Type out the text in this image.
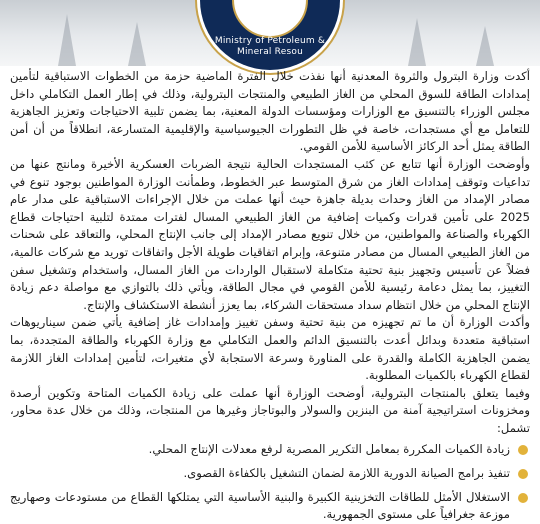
Ministry of Petroleum & Mineral Resou

أكدت وزارة البترول والثروة المعدنية أنها نفذت خلال الفترة الماضية حزمة من الخطوات الاستباقية لتأمين إمدادات الطاقة للسوق المحلي من الغاز الطبيعي والمنتجات البترولية، وذلك في إطار العمل التكاملي داخل مجلس الوزراء بالتنسيق مع الوزارات ومؤسسات الدولة المعنية، بما يضمن تلبية الاحتياجات وتعزيز الجاهزية للتعامل مع أي مستجدات، خاصة في ظل التطورات الجيوسياسية والإقليمية المتسارعة، انطلاقاً من أن أمن الطاقة يمثل أحد الركائز الأساسية للأمن القومي.

وأوضحت الوزارة أنها تتابع عن كثب المستجدات الحالية نتيجة الضربات العسكرية الأخيرة ومانتج عنها من تداعيات وتوقف إمدادات الغاز من شرق المتوسط عبر الخطوط، وطمأنت الوزارة المواطنين بوجود تنوع في مصادر الإمداد من الغاز وحدات بديلة جاهزة حيث أنها عملت من خلال الإجراءات الاستباقية على مدار عام 2025 على تأمين قدرات وكميات إضافية من الغاز الطبيعي المسال لفترات ممتدة لتلبية احتياجات قطاع الكهرباء والصناعة والمواطنين، من خلال تنويع مصادر الإمداد إلى جانب الإنتاج المحلي، والتعاقد على شحنات من الغاز الطبيعي المسال من مصادر متنوعة، وإبرام اتفاقيات طويلة الأجل واتفاقات توريد مع شركات عالمية، فضلاً عن تأسيس وتجهيز بنية تحتية متكاملة لاستقبال الواردات من الغاز المسال، واستخدام وتشغيل سفن التغييز، بما يمثل دعامة رئيسية للأمن القومي في مجال الطاقة، ويأتي ذلك بالتوازي مع مواصلة دعم زيادة الإنتاج المحلي من خلال انتظام سداد مستحقات الشركاء، بما يعزز أنشطة الاستكشاف والإنتاج.

وأكدت الوزارة أن ما تم تجهيزه من بنية تحتية وسفن تغييز وإمدادات غاز إضافية يأتي ضمن سيناريوهات استباقية متعددة وبدائل أعدت بالتنسيق الدائم والعمل التكاملي مع وزارة الكهرباء والطاقة المتجددة، بما يضمن الجاهزية الكاملة والقدرة على المناورة وسرعة الاستجابة لأي متغيرات، لتأمين إمدادات الغاز اللازمة لقطاع الكهرباء بالكميات المطلوبة.

وفيما يتعلق بالمنتجات البترولية، أوضحت الوزارة أنها عملت على زيادة الكميات المتاحة وتكوين أرصدة ومخزونات استراتيجية آمنة من البنزين والسولار والبوتاجاز وغيرها من المنتجات، وذلك من خلال عدة محاور، تشمل:

زيادة الكميات المكررة بمعامل التكرير المصرية لرفع معدلات الإنتاج المحلي.
تنفيذ برامج الصيانة الدورية اللازمة لضمان التشغيل بالكفاءة القصوى.
الاستغلال الأمثل للطاقات التخزينية الكبيرة والبنية الأساسية التي يمتلكها القطاع من مستودعات وصهاريج موزعة جغرافياً على مستوى الجمهورية.
